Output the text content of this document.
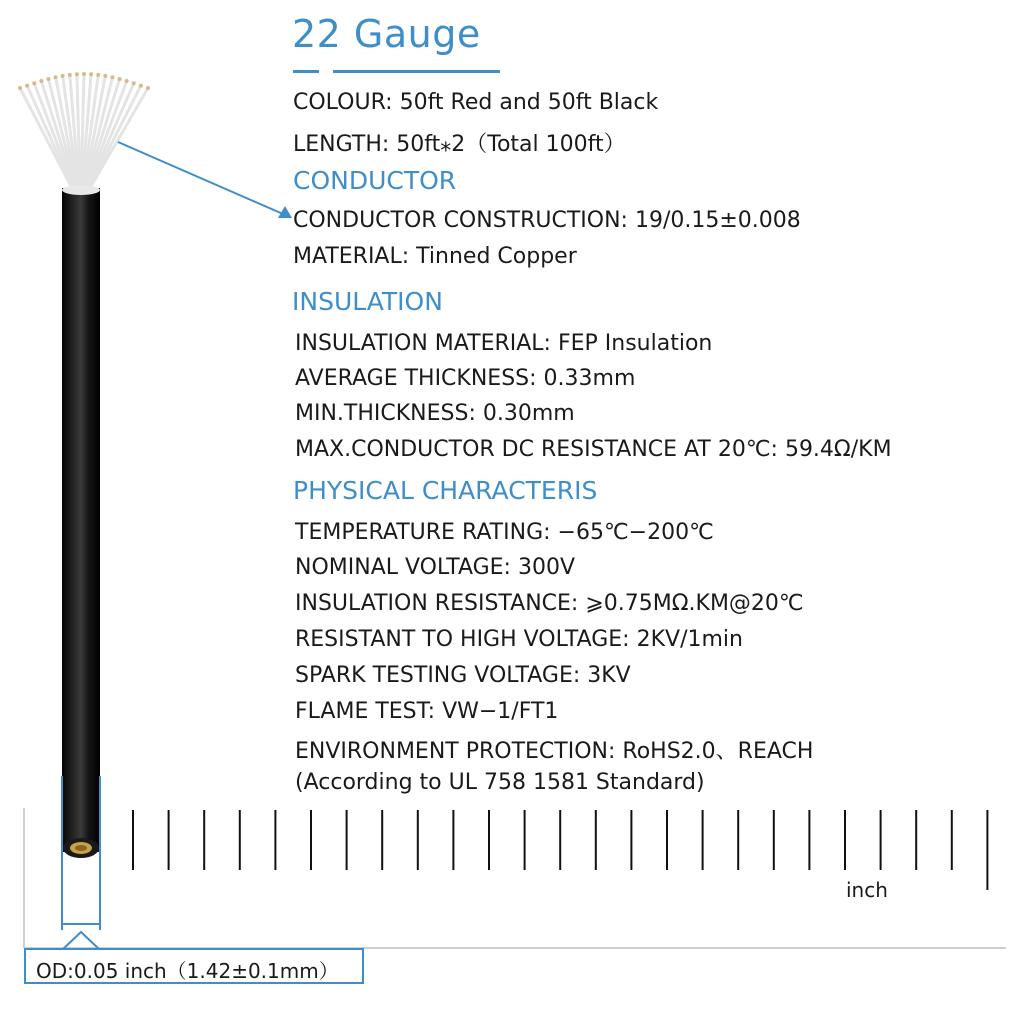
22 Gauge
COLOUR: 50ft Red and 50ft Black
LENGTH: 50ft⁎2（Total 100ft）
CONDUCTOR
CONDUCTOR CONSTRUCTION: 19/0.15±0.008
MATERIAL: Tinned Copper
INSULATION
INSULATION MATERIAL: FEP Insulation
AVERAGE THICKNESS: 0.33mm
MIN.THICKNESS: 0.30mm
MAX.CONDUCTOR DC RESISTANCE AT 20℃: 59.4Ω/KM
PHYSICAL CHARACTERIS
TEMPERATURE RATING: −65℃−200℃
NOMINAL VOLTAGE: 300V
INSULATION RESISTANCE: ⩾0.75MΩ.KM@20℃
RESISTANT TO HIGH VOLTAGE: 2KV/1min
SPARK TESTING VOLTAGE: 3KV
FLAME TEST: VW−1/FT1
ENVIRONMENT PROTECTION: RoHS2.0、REACH
(According to UL 758 1581 Standard)
inch
OD:0.05 inch（1.42±0.1mm）
